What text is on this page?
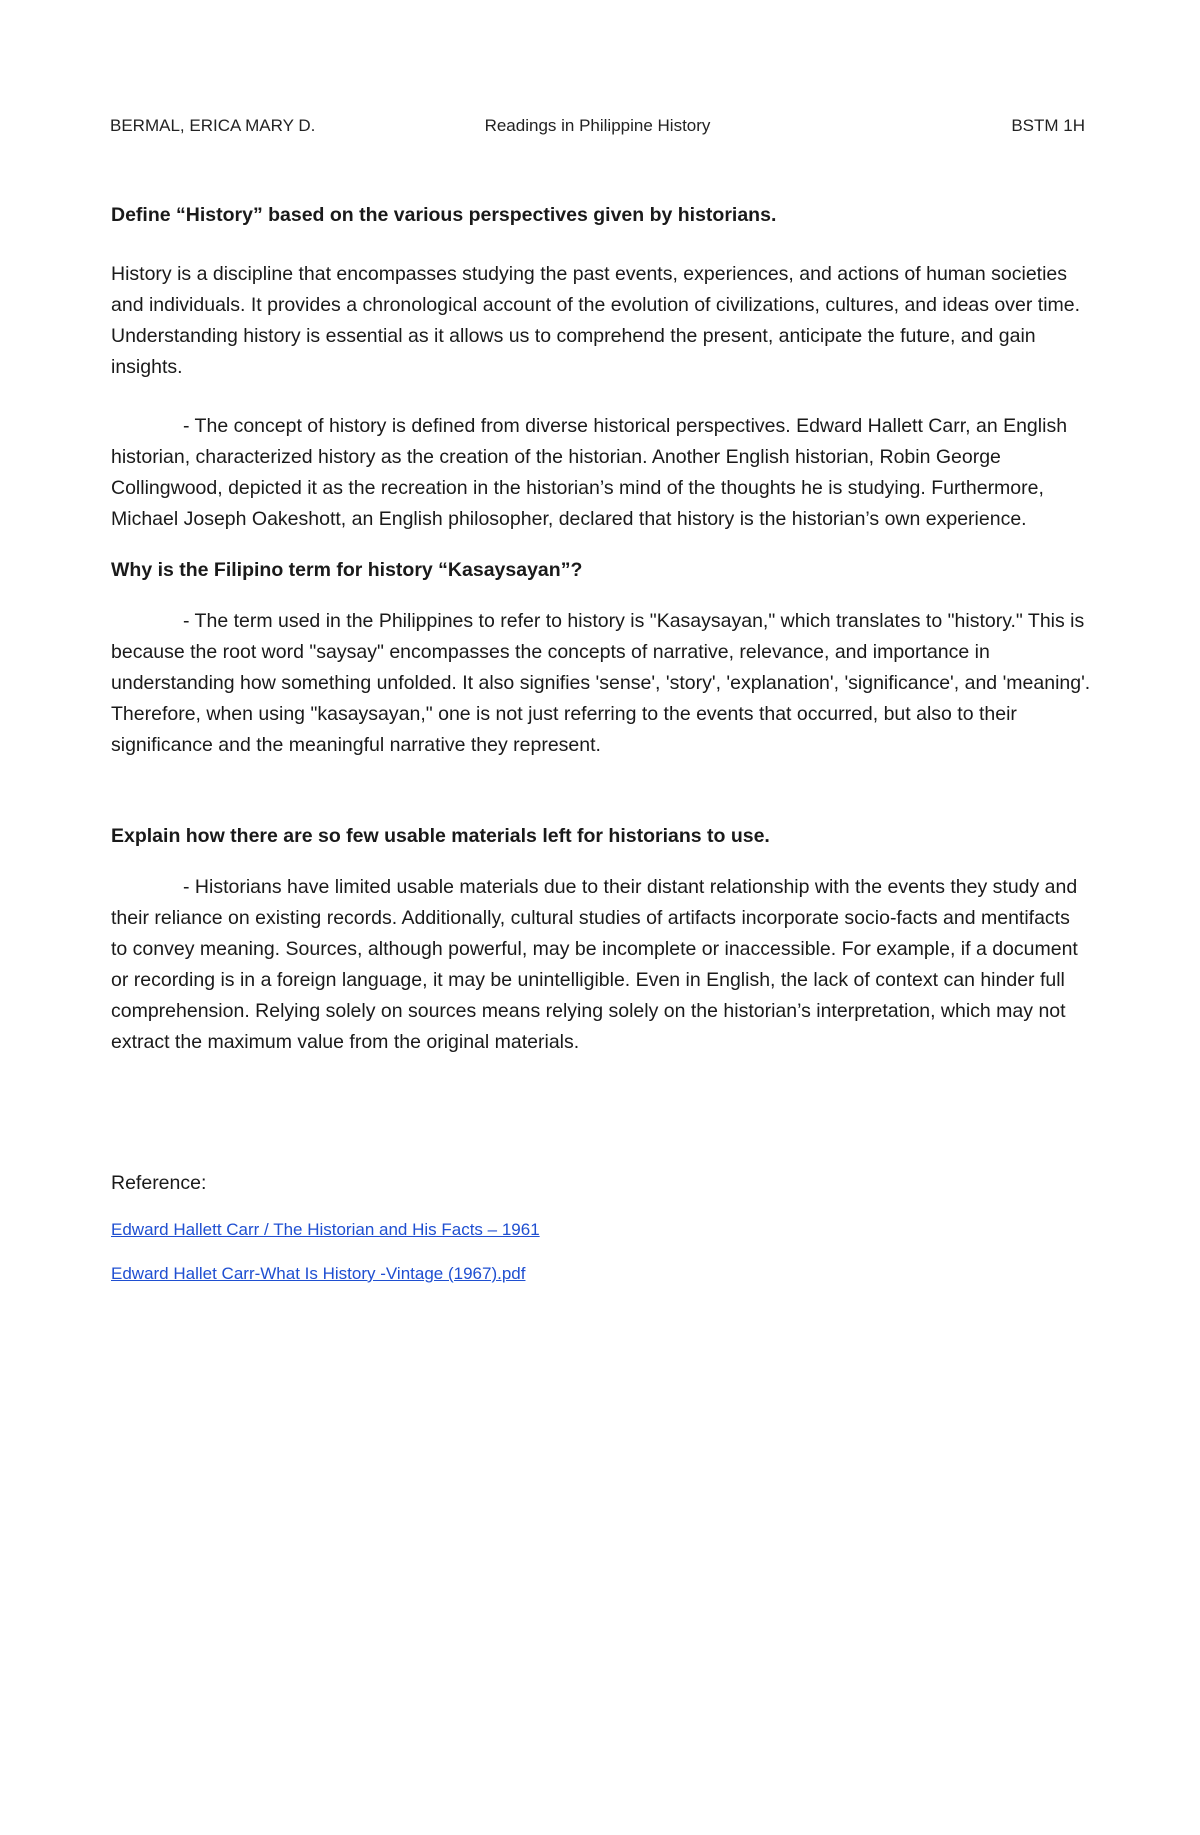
BERMAL, ERICA MARY D.	Readings in Philippine History	BSTM 1H

Define “History” based on the various perspectives given by historians.

History is a discipline that encompasses studying the past events, experiences, and actions of human societies and individuals. It provides a chronological account of the evolution of civilizations, cultures, and ideas over time. Understanding history is essential as it allows us to comprehend the present, anticipate the future, and gain insights.

- The concept of history is defined from diverse historical perspectives. Edward Hallett Carr, an English historian, characterized history as the creation of the historian. Another English historian, Robin George Collingwood, depicted it as the recreation in the historian’s mind of the thoughts he is studying. Furthermore, Michael Joseph Oakeshott, an English philosopher, declared that history is the historian’s own experience.

Why is the Filipino term for history “Kasaysayan”?

- The term used in the Philippines to refer to history is "Kasaysayan," which translates to "history." This is because the root word "saysay" encompasses the concepts of narrative, relevance, and importance in understanding how something unfolded. It also signifies 'sense', 'story', 'explanation', 'significance', and 'meaning'. Therefore, when using "kasaysayan," one is not just referring to the events that occurred, but also to their significance and the meaningful narrative they represent.

Explain how there are so few usable materials left for historians to use.

- Historians have limited usable materials due to their distant relationship with the events they study and their reliance on existing records. Additionally, cultural studies of artifacts incorporate socio-facts and mentifacts to convey meaning. Sources, although powerful, may be incomplete or inaccessible. For example, if a document or recording is in a foreign language, it may be unintelligible. Even in English, the lack of context can hinder full comprehension. Relying solely on sources means relying solely on the historian’s interpretation, which may not extract the maximum value from the original materials.

Reference:

Edward Hallett Carr / The Historian and His Facts – 1961
Edward Hallet Carr-What Is History -Vintage (1967).pdf
